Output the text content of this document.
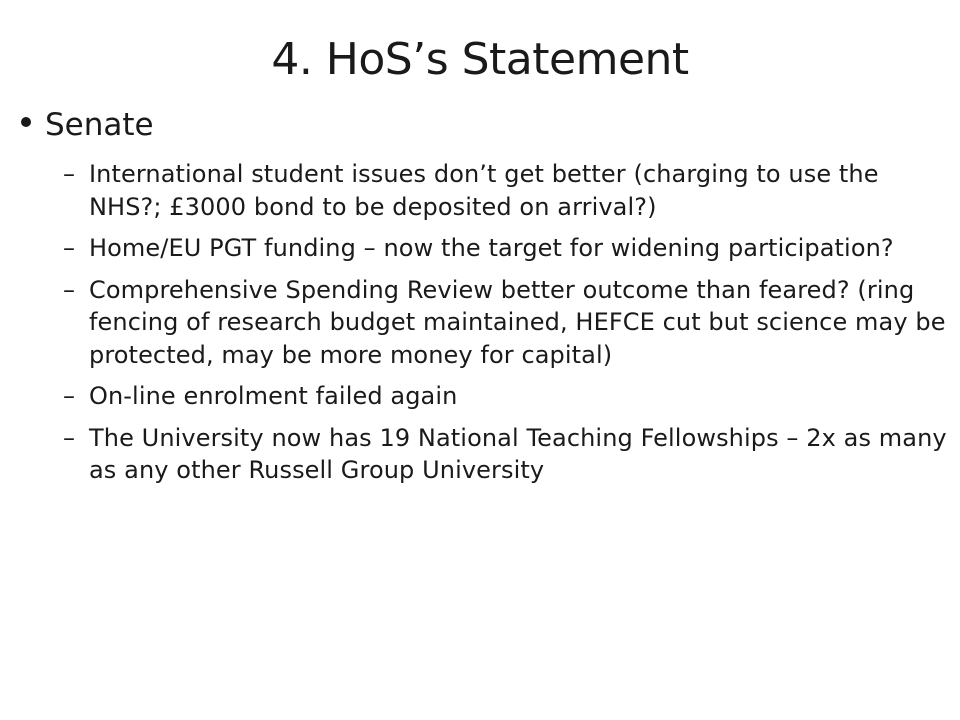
4. HoS’s Statement
Senate
– International student issues don’t get better (charging to use the NHS?; £3000 bond to be deposited on arrival?)
– Home/EU PGT funding – now the target for widening participation?
– Comprehensive Spending Review better outcome than feared? (ring fencing of research budget maintained, HEFCE cut but science may be protected, may be more money for capital)
– On-line enrolment failed again
– The University now has 19 National Teaching Fellowships – 2x as many as any other Russell Group University
